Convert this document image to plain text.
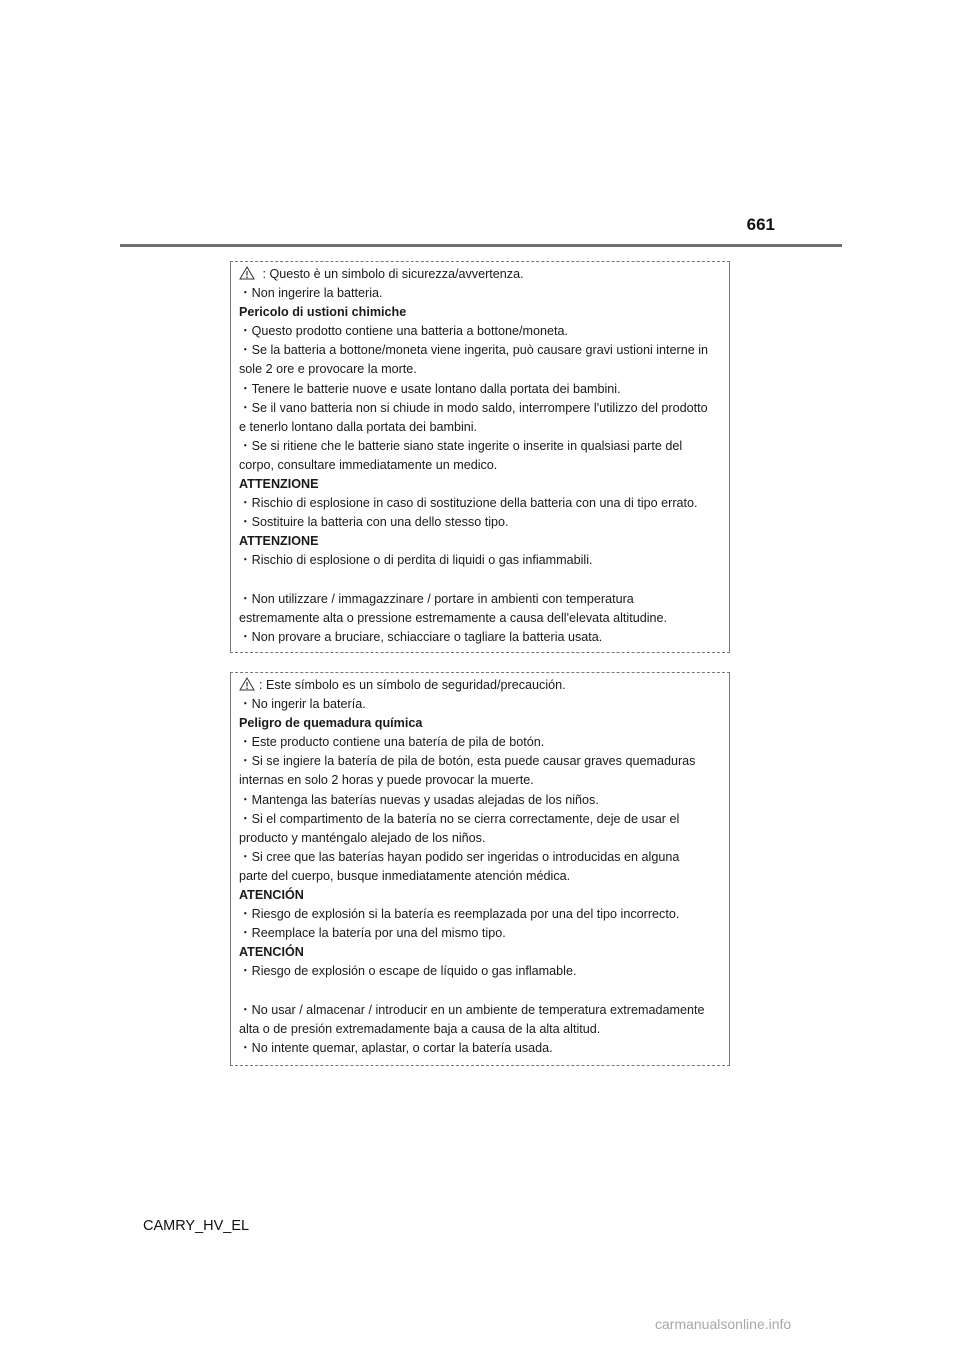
661
: Questo è un simbolo di sicurezza/avvertenza.
・Non ingerire la batteria.
Pericolo di ustioni chimiche
・Questo prodotto contiene una batteria a bottone/moneta.
・Se la batteria a bottone/moneta viene ingerita, può causare gravi ustioni interne in
sole 2 ore e provocare la morte.
・Tenere le batterie nuove e usate lontano dalla portata dei bambini.
・Se il vano batteria non si chiude in modo saldo, interrompere l'utilizzo del prodotto
e tenerlo lontano dalla portata dei bambini.
・Se si ritiene che le batterie siano state ingerite o inserite in qualsiasi parte del
corpo, consultare immediatamente un medico.
ATTENZIONE
・Rischio di esplosione in caso di sostituzione della batteria con una di tipo errato.
・Sostituire la batteria con una dello stesso tipo.
ATTENZIONE
・Rischio di esplosione o di perdita di liquidi o gas infiammabili.
・Non utilizzare / immagazzinare / portare in ambienti con temperatura
estremamente alta o pressione estremamente a causa dell'elevata altitudine.
・Non provare a bruciare, schiacciare o tagliare la batteria usata.
: Este símbolo es un símbolo de seguridad/precaución.
・No ingerir la batería.
Peligro de quemadura química
・Este producto contiene una batería de pila de botón.
・Si se ingiere la batería de pila de botón, esta puede causar graves quemaduras
internas en solo 2 horas y puede provocar la muerte.
・Mantenga las baterías nuevas y usadas alejadas de los niños.
・Si el compartimento de la batería no se cierra correctamente, deje de usar el
producto y manténgalo alejado de los niños.
・Si cree que las baterías hayan podido ser ingeridas o introducidas en alguna
parte del cuerpo, busque inmediatamente atención médica.
ATENCIÓN
・Riesgo de explosión si la batería es reemplazada por una del tipo incorrecto.
・Reemplace la batería por una del mismo tipo.
ATENCIÓN
・Riesgo de explosión o escape de líquido o gas inflamable.
・No usar / almacenar / introducir en un ambiente de temperatura extremadamente
alta o de presión extremadamente baja a causa de la alta altitud.
・No intente quemar, aplastar, o cortar la batería usada.
CAMRY_HV_EL
carmanualsonline.info
